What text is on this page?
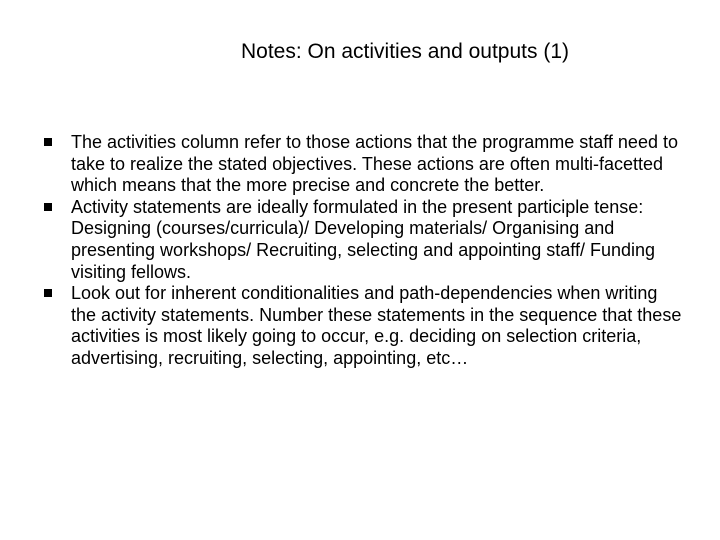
Notes: On activities and outputs (1)
The activities column refer to those actions that the programme staff need to take to realize the stated objectives. These actions are often multi-facetted which means that the more precise and concrete the better.
Activity statements are ideally formulated in the present participle tense: Designing (courses/curricula)/ Developing materials/ Organising and presenting workshops/ Recruiting, selecting and appointing staff/ Funding visiting fellows.
Look out for inherent conditionalities and path-dependencies when writing the activity statements. Number these statements in the sequence that these activities is most likely going to occur, e.g. deciding on selection criteria, advertising, recruiting, selecting, appointing, etc…
